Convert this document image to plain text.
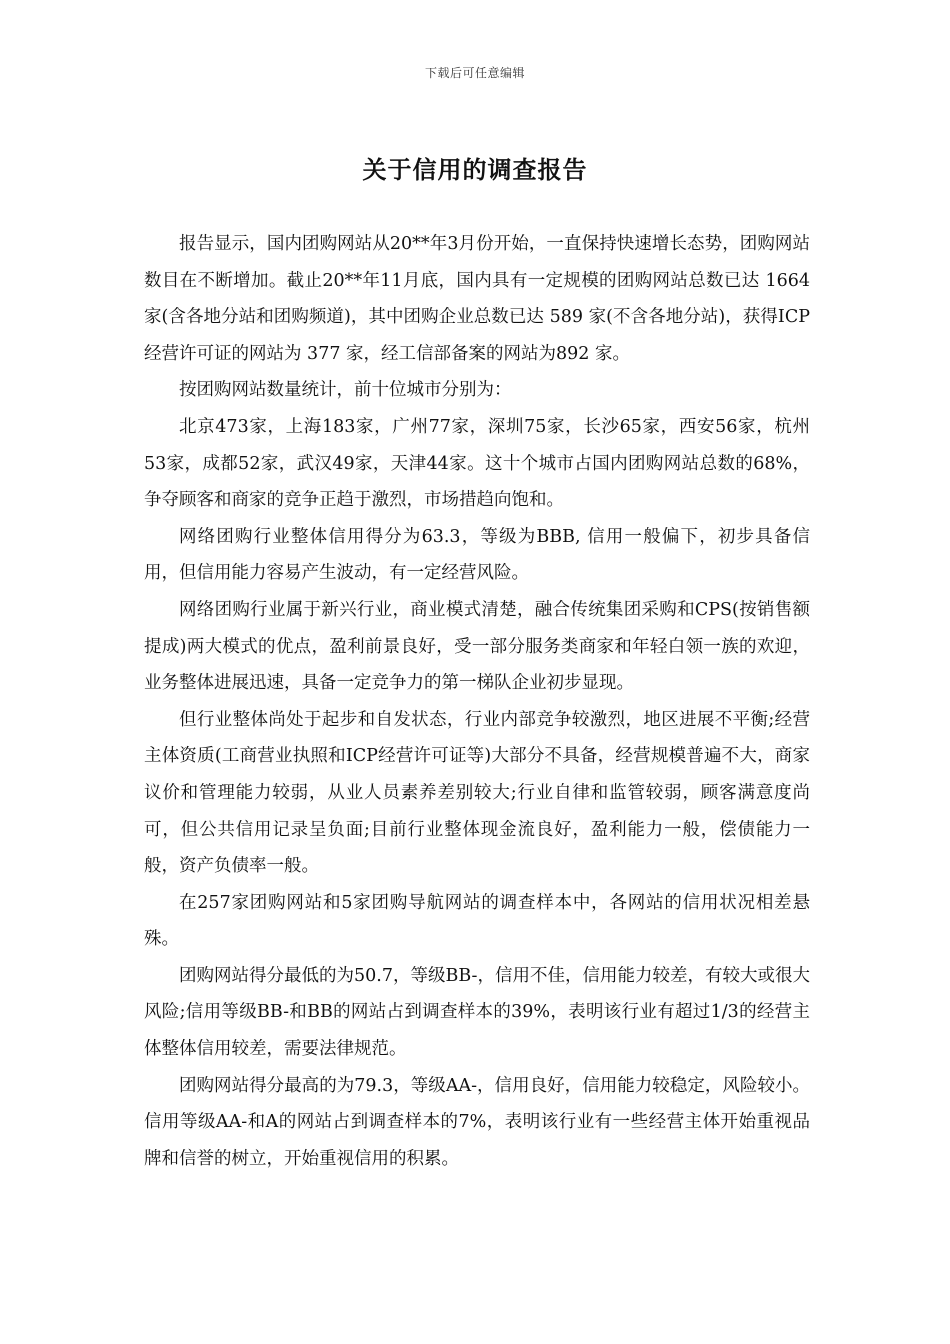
下载后可任意编辑
关于信用的调查报告

报告显示，国内团购网站从20**年3月份开始，一直保持快速增长态势，团购网站数目在不断增加。截止20**年11月底，国内具有一定规模的团购网站总数已达 1664 家(含各地分站和团购频道)，其中团购企业总数已达 589 家(不含各地分站)，获得ICP经营许可证的网站为 377 家，经工信部备案的网站为892 家。

按团购网站数量统计，前十位城市分别为：

北京473家，上海183家，广州77家，深圳75家，长沙65家，西安56家，杭州53家，成都52家，武汉49家，天津44家。这十个城市占国内团购网站总数的68%，争夺顾客和商家的竞争正趋于激烈，市场措趋向饱和。

网络团购行业整体信用得分为63.3，等级为BBB, 信用一般偏下，初步具备信用，但信用能力容易产生波动，有一定经营风险。

网络团购行业属于新兴行业，商业模式清楚，融合传统集团采购和CPS(按销售额提成)两大模式的优点，盈利前景良好，受一部分服务类商家和年轻白领一族的欢迎，业务整体进展迅速，具备一定竞争力的第一梯队企业初步显现。

但行业整体尚处于起步和自发状态，行业内部竞争较激烈，地区进展不平衡;经营主体资质(工商营业执照和ICP经营许可证等)大部分不具备，经营规模普遍不大，商家议价和管理能力较弱，从业人员素养差别较大;行业自律和监管较弱，顾客满意度尚可，但公共信用记录呈负面;目前行业整体现金流良好，盈利能力一般，偿债能力一般，资产负债率一般。

在257家团购网站和5家团购导航网站的调查样本中，各网站的信用状况相差悬殊。

团购网站得分最低的为50.7，等级BB-，信用不佳，信用能力较差，有较大或很大风险;信用等级BB-和BB的网站占到调查样本的39%，表明该行业有超过1/3的经营主体整体信用较差，需要法律规范。

团购网站得分最高的为79.3，等级AA-，信用良好，信用能力较稳定，风险较小。信用等级AA-和A的网站占到调查样本的7%，表明该行业有一些经营主体开始重视品牌和信誉的树立，开始重视信用的积累。
